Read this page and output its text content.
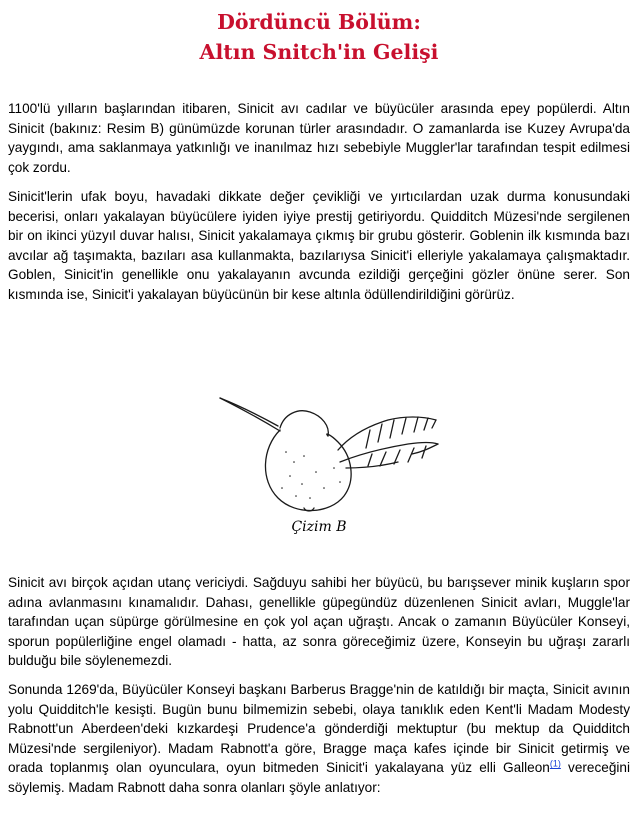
Dördüncü Bölüm:
Altın Snitch'in Gelişi

1100'lü yılların başlarından itibaren, Sinicit avı cadılar ve büyücüler arasında epey popülerdi. Altın Sinicit (bakınız: Resim B) günümüzde korunan türler arasındadır. O zamanlarda ise Kuzey Avrupa'da yaygındı, ama saklanmaya yatkınlığı ve inanılmaz hızı sebebiyle Muggler'lar tarafından tespit edilmesi çok zordu.

Sinicit'lerin ufak boyu, havadaki dikkate değer çevikliği ve yırtıcılardan uzak durma konusundaki becerisi, onları yakalayan büyücülere iyiden iyiye prestij getiriyordu. Quidditch Müzesi'nde sergilenen bir on ikinci yüzyıl duvar halısı, Sinicit yakalamaya çıkmış bir grubu gösterir. Goblenin ilk kısmında bazı avcılar ağ taşımakta, bazıları asa kullanmakta, bazılarıysa Sinicit'i elleriyle yakalamaya çalışmaktadır. Goblen, Sinicit'in genellikle onu yakalayanın avcunda ezildiği gerçeğini gözler önüne serer. Son kısmında ise, Sinicit'i yakalayan büyücünün bir kese altınla ödüllendirildiğini görürüz.

Çizim B

Sinicit avı birçok açıdan utanç vericiydi. Sağduyu sahibi her büyücü, bu barışsever minik kuşların spor adına avlanmasını kınamalıdır. Dahası, genellikle güpegündüz düzenlenen Sinicit avları, Muggle'lar tarafından uçan süpürge görülmesine en çok yol açan uğraştı. Ancak o zamanın Büyücüler Konseyi, sporun popülerliğine engel olamadı - hatta, az sonra göreceğimiz üzere, Konseyin bu uğraşı zararlı bulduğu bile söylenemezdi.

Sonunda 1269'da, Büyücüler Konseyi başkanı Barberus Bragge'nin de katıldığı bir maçta, Sinicit avının yolu Quidditch'le kesişti. Bugün bunu bilmemizin sebebi, olaya tanıklık eden Kent'li Madam Modesty Rabnott'un Aberdeen'deki kızkardeşi Prudence'a gönderdiği mektuptur (bu mektup da Quidditch Müzesi'nde sergileniyor). Madam Rabnott'a göre, Bragge maça kafes içinde bir Sinicit getirmiş ve orada toplanmış olan oyunculara, oyun bitmeden Sinicit'i yakalayana yüz elli Galleon$^{(1)}$ vereceğini söylemiş. Madam Rabnott daha sonra olanları şöyle anlatıyor:
